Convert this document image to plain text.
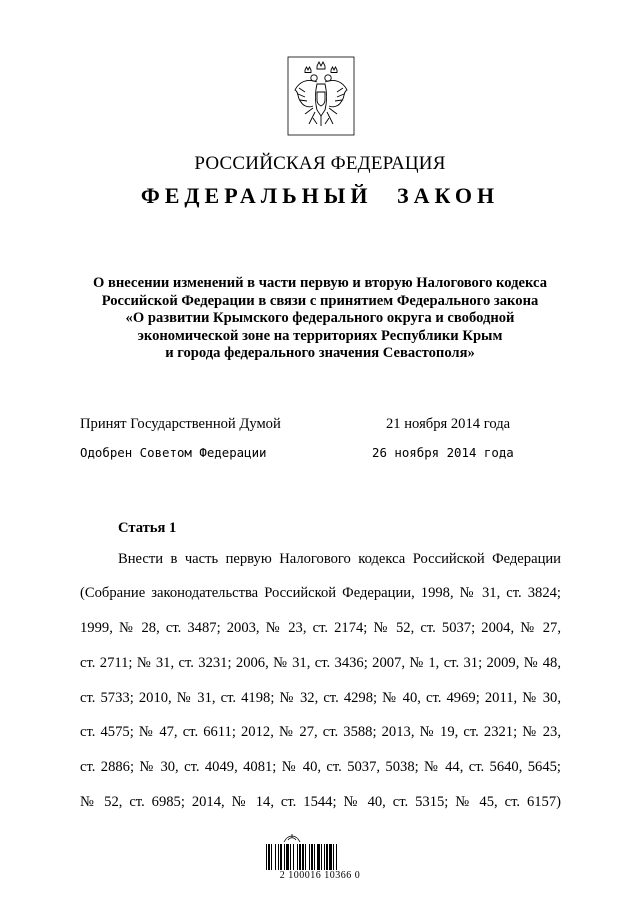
РОССИЙСКАЯ ФЕДЕРАЦИЯ
ФЕДЕРАЛЬНЫЙ ЗАКОН
О внесении изменений в части первую и вторую Налогового кодекса
Российской Федерации в связи с принятием Федерального закона
«О развитии Крымского федерального округа и свободной
экономической зоне на территориях Республики Крым
и города федерального значения Севастополя»
Принят Государственной Думой	21 ноября 2014 года
Одобрен Советом Федерации	26 ноября 2014 года
Статья 1
Внести в часть первую Налогового кодекса Российской Федерации
(Собрание законодательства Российской Федерации, 1998, № 31, ст. 3824;
1999, № 28, ст. 3487; 2003, № 23, ст. 2174; № 52, ст. 5037; 2004, № 27,
ст. 2711; № 31, ст. 3231; 2006, № 31, ст. 3436; 2007, № 1, ст. 31; 2009, № 48,
ст. 5733; 2010, № 31, ст. 4198; № 32, ст. 4298; № 40, ст. 4969; 2011, № 30,
ст. 4575; № 47, ст. 6611; 2012, № 27, ст. 3588; 2013, № 19, ст. 2321; № 23,
ст. 2886; № 30, ст. 4049, 4081; № 40, ст. 5037, 5038; № 44, ст. 5640, 5645;
№ 52, ст. 6985; 2014, № 14, ст. 1544; № 40, ст. 5315; № 45, ст. 6157)
2 100016 10366 0
